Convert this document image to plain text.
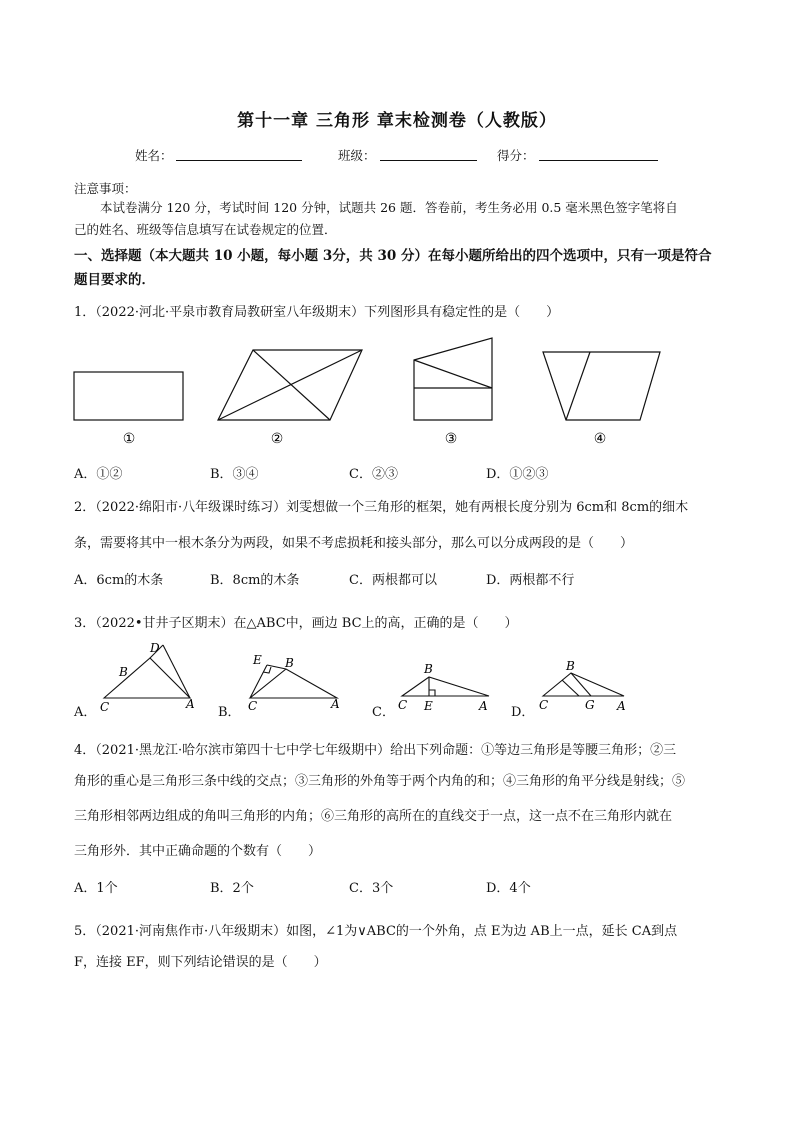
第十一章 三角形 章末检测卷（人教版）
姓名：	班级：	得分：
注意事项：
本试卷满分 120 分，考试时间 120 分钟，试题共 26 题．答卷前，考生务必用 0.5 毫米黑色签字笔将自
己的姓名、班级等信息填写在试卷规定的位置．
一、选择题（本大题共 10 小题，每小题 3分，共 30 分）在每小题所给出的四个选项中，只有一项是符合
题目要求的．
1．（2022·河北·平泉市教育局教研室八年级期末）下列图形具有稳定性的是（　　）
①	②	③	④
A．①②	B．③④	C．②③	D．①②③
2．（2022·绵阳市·八年级课时练习）刘雯想做一个三角形的框架，她有两根长度分别为 6cm和 8cm的细木
条，需要将其中一根木条分为两段，如果不考虑损耗和接头部分，那么可以分成两段的是（　　）
A．6cm的木条	B．8cm的木条	C．两根都可以	D．两根都不行
3．（2022•甘井子区期末）在△ABC中，画边 BC上的高，正确的是（　　）
A．	B．	C．	D．
D
B
C	A
E B
C	A
B
C E	A
B
C	G A
4．（2021·黑龙江·哈尔滨市第四十七中学七年级期中）给出下列命题：①等边三角形是等腰三角形；②三
角形的重心是三角形三条中线的交点；③三角形的外角等于两个内角的和；④三角形的角平分线是射线；⑤
三角形相邻两边组成的角叫三角形的内角；⑥三角形的高所在的直线交于一点，这一点不在三角形内就在
三角形外．其中正确命题的个数有（　　）
A．1个	B．2个	C．3个	D．4个
5．（2021·河南焦作市·八年级期末）如图，∠1为∨ABC的一个外角，点 E为边 AB上一点，延长 CA到点
F，连接 EF，则下列结论错误的是（　　）
